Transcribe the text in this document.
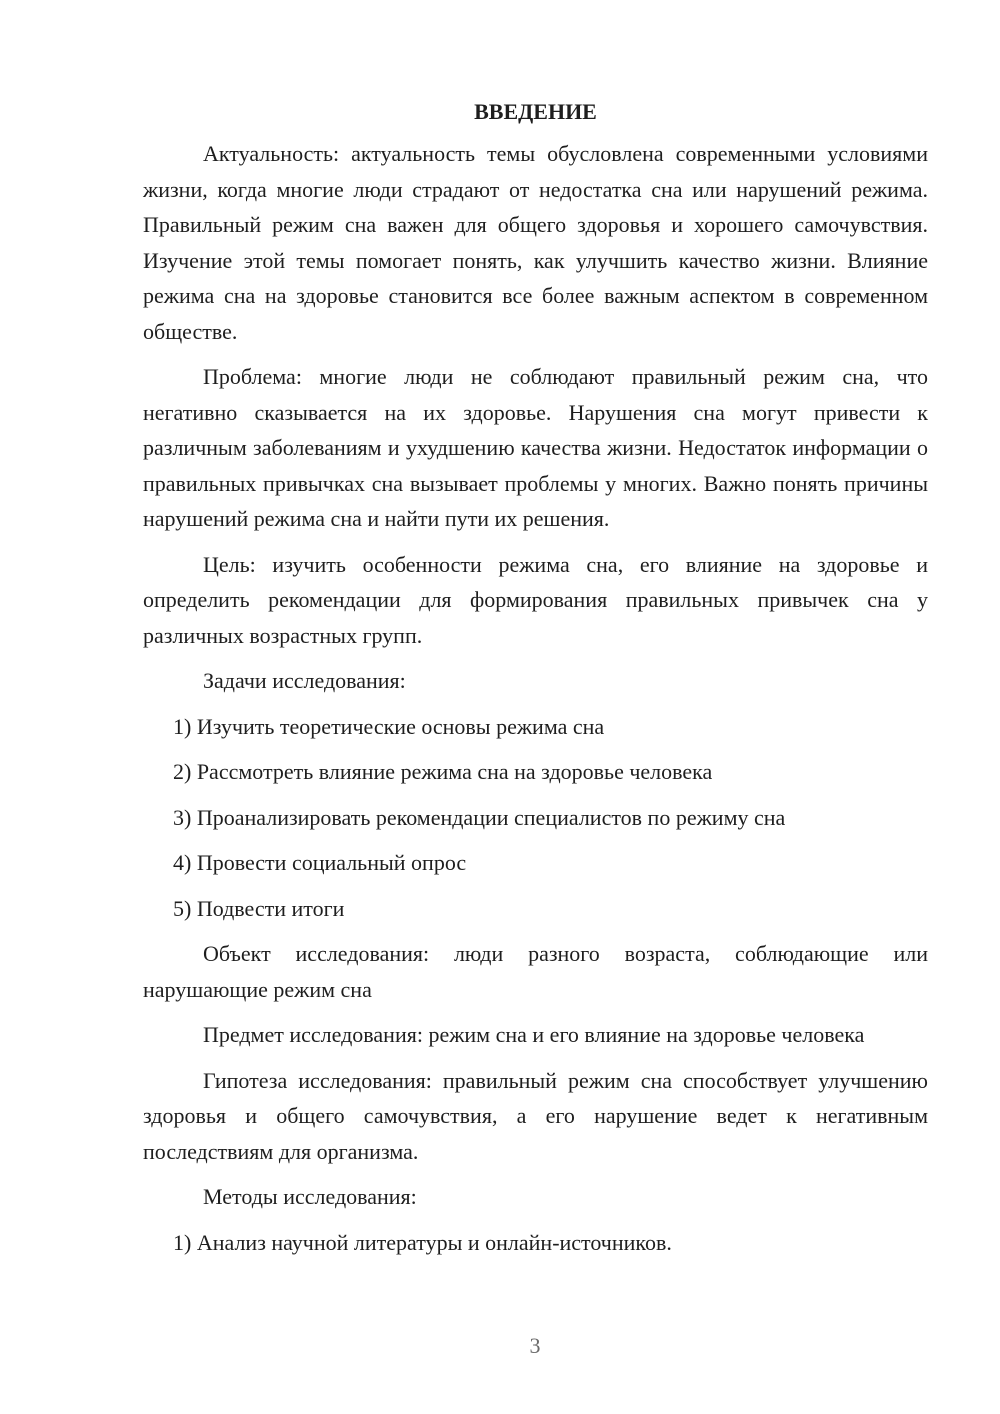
ВВЕДЕНИЕ

Актуальность: актуальность темы обусловлена современными условиями жизни, когда многие люди страдают от недостатка сна или нарушений режима. Правильный режим сна важен для общего здоровья и хорошего самочувствия. Изучение этой темы помогает понять, как улучшить качество жизни. Влияние режима сна на здоровье становится все более важным аспектом в современном обществе.

Проблема: многие люди не соблюдают правильный режим сна, что негативно сказывается на их здоровье. Нарушения сна могут привести к различным заболеваниям и ухудшению качества жизни. Недостаток информации о правильных привычках сна вызывает проблемы у многих. Важно понять причины нарушений режима сна и найти пути их решения.

Цель: изучить особенности режима сна, его влияние на здоровье и определить рекомендации для формирования правильных привычек сна у различных возрастных групп.

Задачи исследования:

1) Изучить теоретические основы режима сна
2) Рассмотреть влияние режима сна на здоровье человека
3) Проанализировать рекомендации специалистов по режиму сна
4) Провести социальный опрос
5) Подвести итоги

Объект исследования: люди разного возраста, соблюдающие или нарушающие режим сна

Предмет исследования: режим сна и его влияние на здоровье человека

Гипотеза исследования: правильный режим сна способствует улучшению здоровья и общего самочувствия, а его нарушение ведет к негативным последствиям для организма.

Методы исследования:

1) Анализ научной литературы и онлайн-источников.
3
